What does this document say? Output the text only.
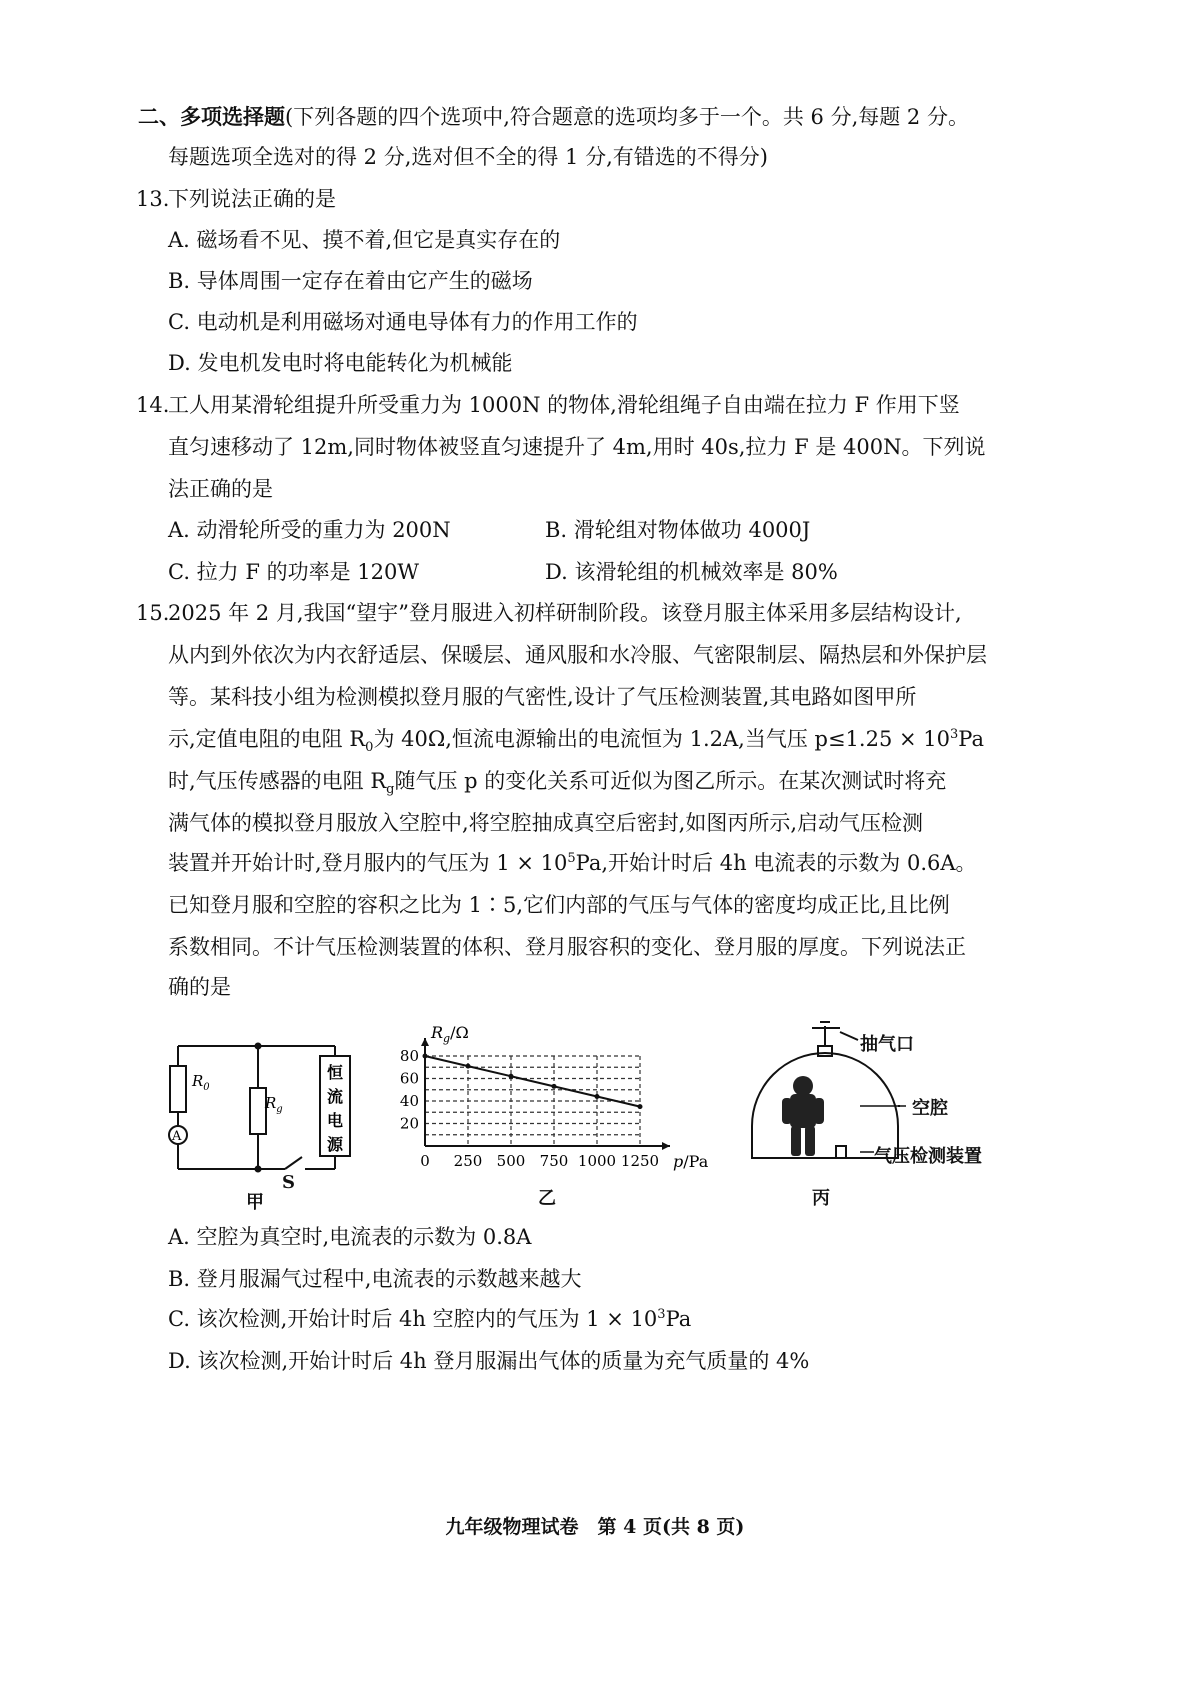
二、多项选择题(下列各题的四个选项中,符合题意的选项均多于一个。共 6 分,每题 2 分。
每题选项全选对的得 2 分,选对但不全的得 1 分,有错选的不得分)
13.下列说法正确的是
A. 磁场看不见、摸不着,但它是真实存在的
B. 导体周围一定存在着由它产生的磁场
C. 电动机是利用磁场对通电导体有力的作用工作的
D. 发电机发电时将电能转化为机械能
14.工人用某滑轮组提升所受重力为 1000N 的物体,滑轮组绳子自由端在拉力 F 作用下竖
直匀速移动了 12m,同时物体被竖直匀速提升了 4m,用时 40s,拉力 F 是 400N。下列说
法正确的是
A. 动滑轮所受的重力为 200N	B. 滑轮组对物体做功 4000J
C. 拉力 F 的功率是 120W	D. 该滑轮组的机械效率是 80%
15.2025 年 2 月,我国“望宇”登月服进入初样研制阶段。该登月服主体采用多层结构设计,
从内到外依次为内衣舒适层、保暖层、通风服和水冷服、气密限制层、隔热层和外保护层
等。某科技小组为检测模拟登月服的气密性,设计了气压检测装置,其电路如图甲所
示,定值电阻的电阻 $R_0$为 40Ω,恒流电源输出的电流恒为 1.2A,当气压 $p\le 1.25 \times 10^3Pa$
时,气压传感器的电阻 $R_g$随气压 p 的变化关系可近似为图乙所示。在某次测试时将充
满气体的模拟登月服放入空腔中,将空腔抽成真空后密封,如图丙所示,启动气压检测
装置并开始计时,登月服内的气压为 $1 \times 10^5Pa$,开始计时后 4h 电流表的示数为 0.6A。
已知登月服和空腔的容积之比为 1∶5,它们内部的气压与气体的密度均成正比,且比例
系数相同。不计气压检测装置的体积、登月服容积的变化、登月服的厚度。下列说法正
确的是
$R_0$
A
$R_g$
恒
流
电
源
S
甲
0 250 500 750 1000 1250
20
40
60
80
$R_g/\Omega$
p/Pa
乙
抽气口
空腔
气压检测装置
丙
A. 空腔为真空时,电流表的示数为 0.8A
B. 登月服漏气过程中,电流表的示数越来越大
C. 该次检测,开始计时后 4h 空腔内的气压为 $1 \times 10^3Pa$
D. 该次检测,开始计时后 4h 登月服漏出气体的质量为充气质量的 4%
九年级物理试卷　第 4 页(共 8 页)
